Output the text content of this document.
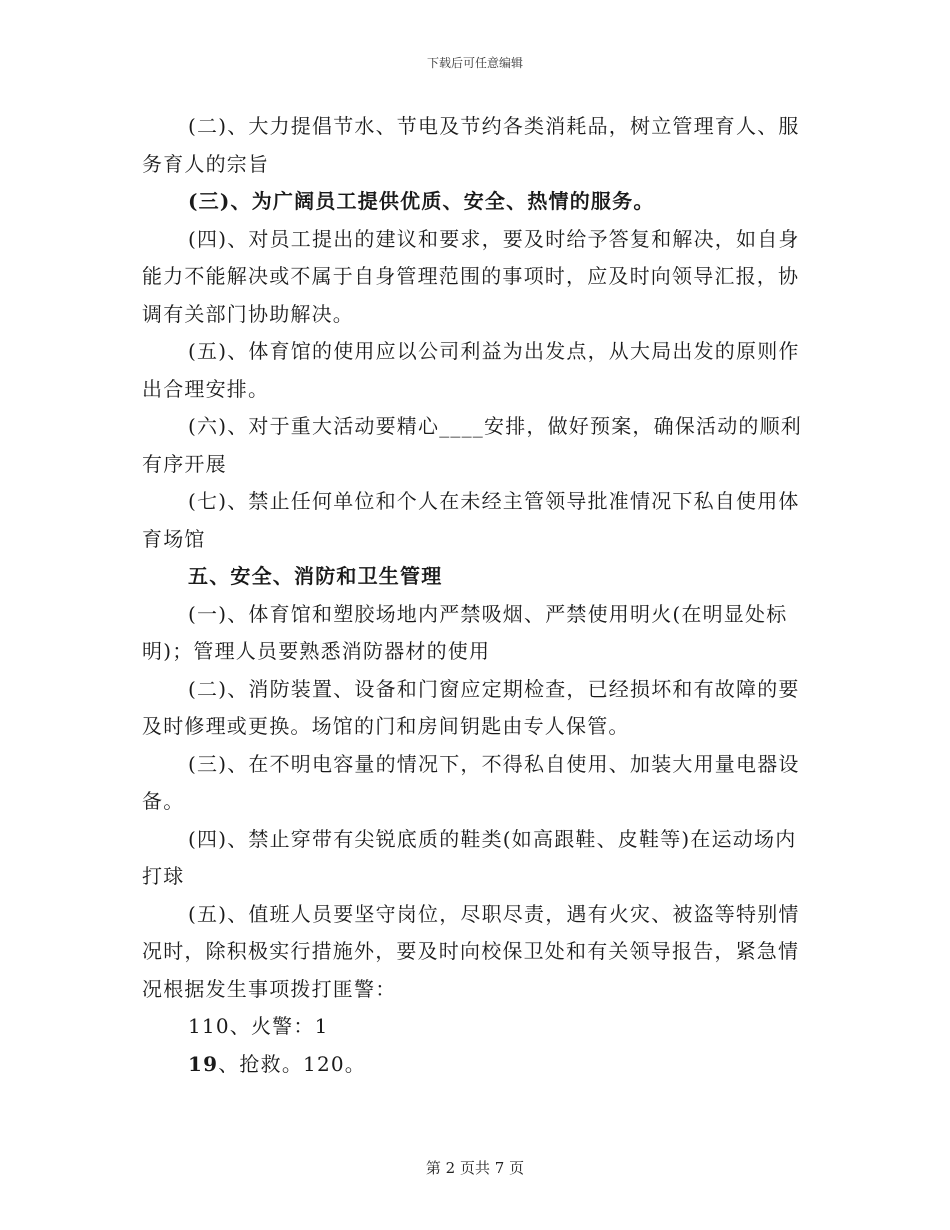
下载后可任意编辑

(二)、大力提倡节水、节电及节约各类消耗品，树立管理育人、服务育人的宗旨

(三)、为广阔员工提供优质、安全、热情的服务。

(四)、对员工提出的建议和要求，要及时给予答复和解决，如自身能力不能解决或不属于自身管理范围的事项时，应及时向领导汇报，协调有关部门协助解决。

(五)、体育馆的使用应以公司利益为出发点，从大局出发的原则作出合理安排。

(六)、对于重大活动要精心____安排，做好预案，确保活动的顺利有序开展

(七)、禁止任何单位和个人在未经主管领导批准情况下私自使用体育场馆

五、安全、消防和卫生管理

(一)、体育馆和塑胶场地内严禁吸烟、严禁使用明火(在明显处标明)；管理人员要熟悉消防器材的使用

(二)、消防装置、设备和门窗应定期检查，已经损坏和有故障的要及时修理或更换。场馆的门和房间钥匙由专人保管。

(三)、在不明电容量的情况下，不得私自使用、加装大用量电器设备。

(四)、禁止穿带有尖锐底质的鞋类(如高跟鞋、皮鞋等)在运动场内打球

(五)、值班人员要坚守岗位，尽职尽责，遇有火灾、被盗等特别情况时，除积极实行措施外，要及时向校保卫处和有关领导报告，紧急情况根据发生事项拨打匪警：

110、火警：1

19、抢救。120。

第 2 页共 7 页
